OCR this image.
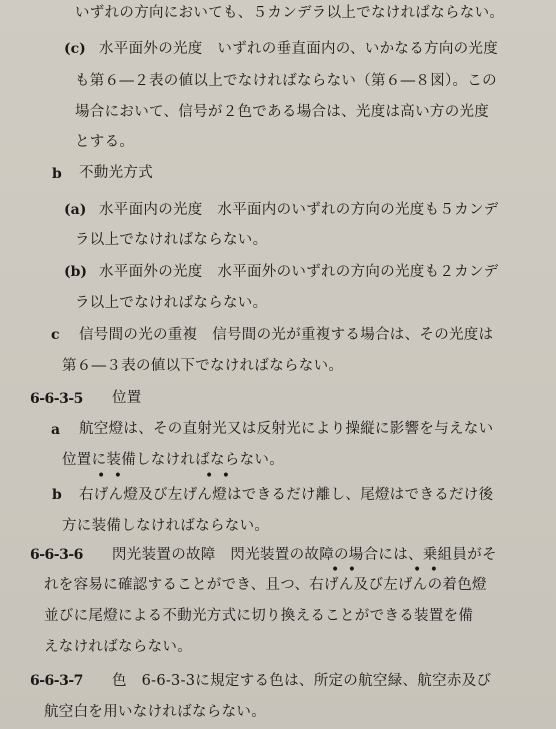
いずれの方向においても、５カンデラ以上でなければならない。
(c) 水平面外の光度　いずれの垂直面内の、いかなる方向の光度
も第６―２表の値以上でなければならない（第６―８図）。この
場合において、信号が２色である場合は、光度は高い方の光度
とする。
b 不動光方式
(a) 水平面内の光度　水平面内のいずれの方向の光度も５カンデ
ラ以上でなければならない。
(b) 水平面外の光度　水平面外のいずれの方向の光度も２カンデ
ラ以上でなければならない。
c 信号間の光の重複　信号間の光が重複する場合は、その光度は
第６―３表の値以下でなければならない。
6-6-3-5 位置
a 航空燈は、その直射光又は反射光により操縦に影響を与えない
位置に装備しなければならない。
• •	• •
b 右げん燈及び左げん燈はできるだけ離し、尾燈はできるだけ後
方に装備しなければならない。
6-6-3-6 閃光装置の故障　閃光装置の故障の場合には、乗組員がそ
• •	• •
れを容易に確認することができ、且つ、右げん及び左げんの着色燈
並びに尾燈による不動光方式に切り換えることができる装置を備
えなければならない。
6-6-3-7 色　6-6-3-3に規定する色は、所定の航空緑、航空赤及び
航空白を用いなければならない。
